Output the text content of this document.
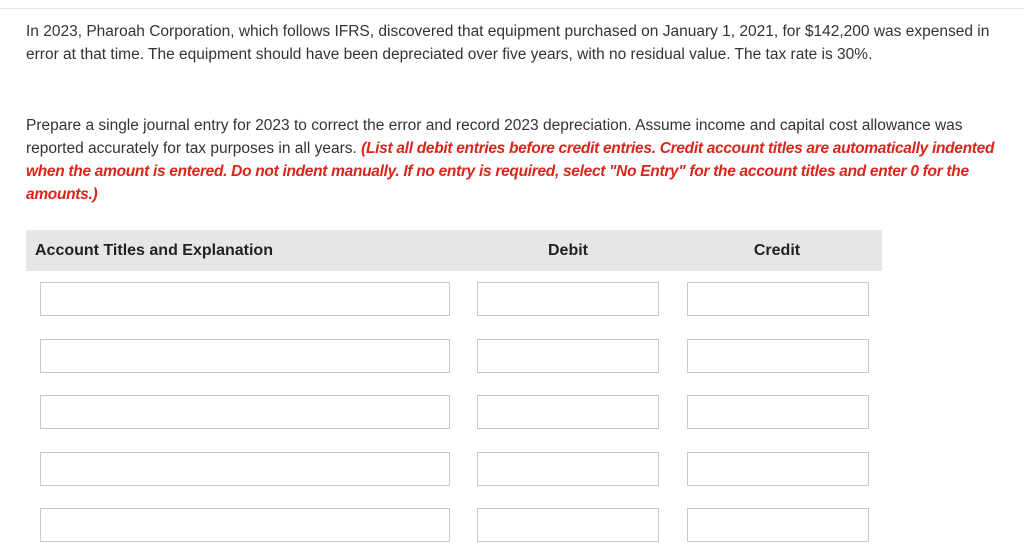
In 2023, Pharoah Corporation, which follows IFRS, discovered that equipment purchased on January 1, 2021, for $142,200 was expensed in error at that time. The equipment should have been depreciated over five years, with no residual value. The tax rate is 30%.
Prepare a single journal entry for 2023 to correct the error and record 2023 depreciation. Assume income and capital cost allowance was reported accurately for tax purposes in all years. (List all debit entries before credit entries. Credit account titles are automatically indented when the amount is entered. Do not indent manually. If no entry is required, select "No Entry" for the account titles and enter 0 for the amounts.)
Account Titles and Explanation	Debit	Credit
